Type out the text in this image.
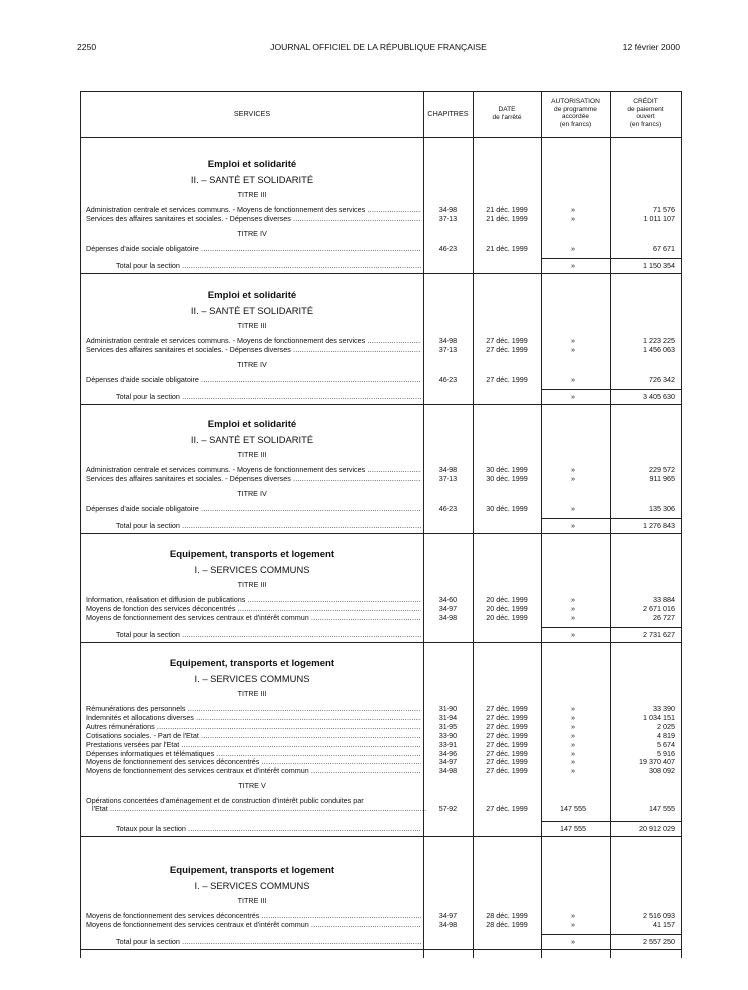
2250	JOURNAL OFFICIEL DE LA RÉPUBLIQUE FRANÇAISE	12 février 2000
SERVICES	CHAPITRES	DATE
de l'arrêté
AUTORISATION
de programme
accordée
(en francs)
CRÉDIT
de paiement
ouvert
(en francs)
Emploi et solidarité
II. – SANTÉ ET SOLIDARITÉ
TITRE III
Administration centrale et services communs. - Moyens de fonctionnement des services .....	34-98	21 déc. 1999	»	71 576
Services des affaires sanitaires et sociales. - Dépenses diverses .....	37-13	21 déc. 1999	»	1 011 107
TITRE IV
Dépenses d'aide sociale obligatoire .....	46-23	21 déc. 1999	»	67 671
Total pour la section .....	»	1 150 354
Emploi et solidarité
II. – SANTÉ ET SOLIDARITÉ
TITRE III
Administration centrale et services communs. - Moyens de fonctionnement des services .....	34-98	27 déc. 1999	»	1 223 225
Services des affaires sanitaires et sociales. - Dépenses diverses .....	37-13	27 déc. 1999	»	1 456 063
TITRE IV
Dépenses d'aide sociale obligatoire .....	46-23	27 déc. 1999	»	726 342
Total pour la section .....	»	3 405 630
Emploi et solidarité
II. – SANTÉ ET SOLIDARITÉ
TITRE III
Administration centrale et services communs. - Moyens de fonctionnement des services .....	34-98	30 déc. 1999	»	229 572
Services des affaires sanitaires et sociales. - Dépenses diverses .....	37-13	30 déc. 1999	»	911 965
TITRE IV
Dépenses d'aide sociale obligatoire .....	46-23	30 déc. 1999	»	135 306
Total pour la section .....	»	1 276 843
Equipement, transports et logement
I. – SERVICES COMMUNS
TITRE III
Information, réalisation et diffusion de publications .....	34-60	20 déc. 1999	»	33 884
Moyens de fonction des services déconcentrés .....	34-97	20 déc. 1999	»	2 671 016
Moyens de fonctionnement des services centraux et d'intérêt commun .....	34-98	20 déc. 1999	»	26 727
Total pour la section .....	»	2 731 627
Equipement, transports et logement
I. – SERVICES COMMUNS
TITRE III
Rémunérations des personnels .....	31-90	27 déc. 1999	»	33 390
Indemnités et allocations diverses .....	31-94	27 déc. 1999	»	1 034 151
Autres rémunérations .....	31-95	27 déc. 1999	»	2 025
Cotisations sociales. - Part de l'Etat .....	33-90	27 déc. 1999	»	4 819
Prestations versées par l'Etat .....	33-91	27 déc. 1999	»	5 674
Dépenses informatiques et télématiques .....	34-96	27 déc. 1999	»	5 916
Moyens de fonctionnement des services déconcentrés .....	34-97	27 déc. 1999	»	19 370 407
Moyens de fonctionnement des services centraux et d'intérêt commun .....	34-98	27 déc. 1999	»	308 092
TITRE V
Opérations concertées d'aménagement et de construction d'intérêt public conduites par
l'Etat .....	57-92	27 déc. 1999	147 555	147 555
Totaux pour la section .....	147 555	20 912 029
Equipement, transports et logement
I. – SERVICES COMMUNS
TITRE III
Moyens de fonctionnement des services déconcentrés .....	34-97	28 déc. 1999	»	2 516 093
Moyens de fonctionnement des services centraux et d'intérêt commun .....	34-98	28 déc. 1999	»	41 157
Total pour la section .....	»	2 557 250
